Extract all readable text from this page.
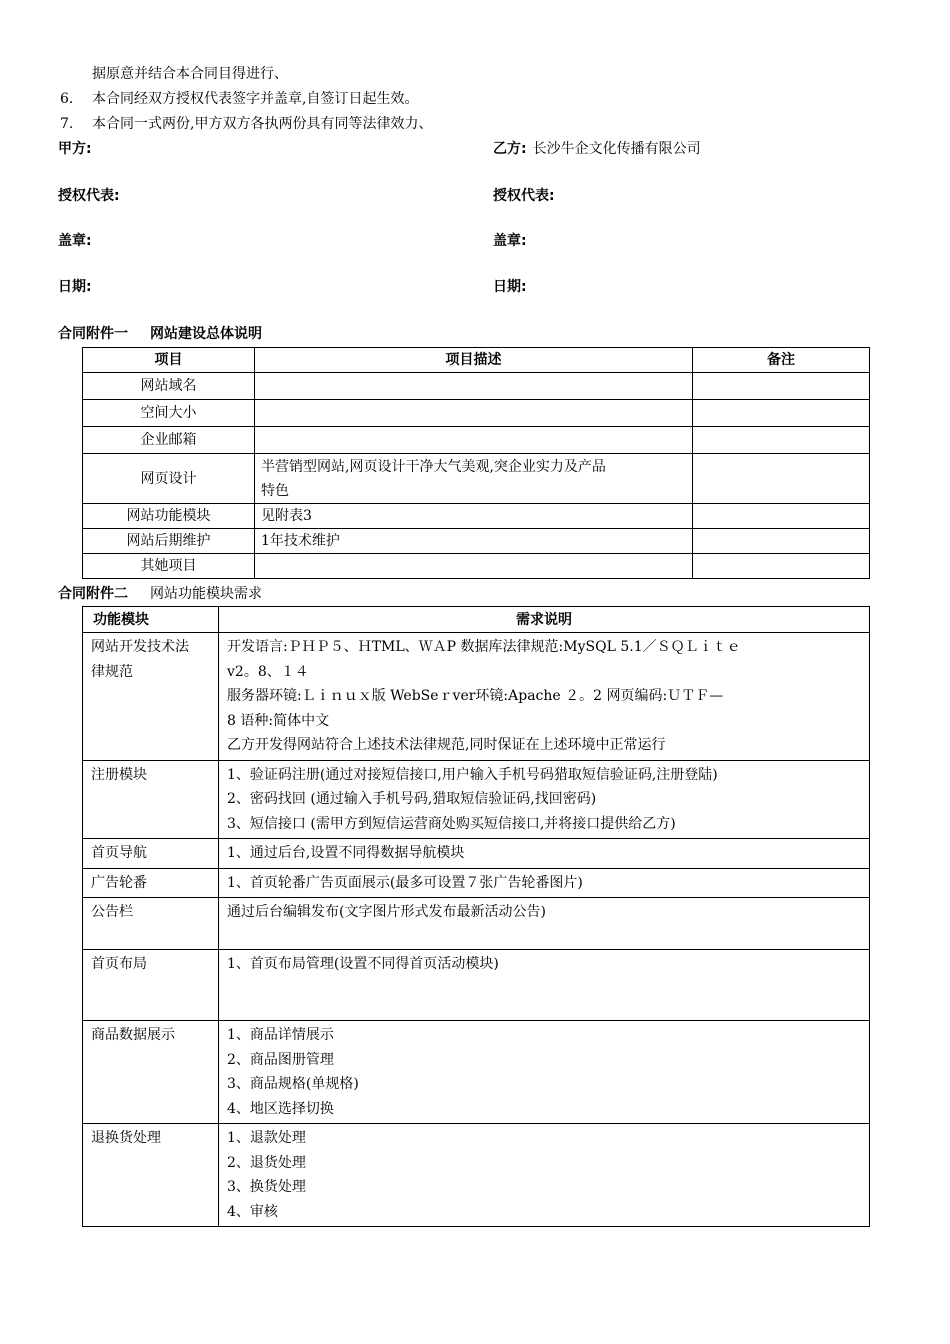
据原意并结合本合同目得进行、
6. 本合同经双方授权代表签字并盖章,自签订日起生效。
7. 本合同一式两份,甲方双方各执两份具有同等法律效力、
甲方:	乙方: 长沙牛企文化传播有限公司
授权代表:	授权代表:
盖章:	盖章:
日期:	日期:
合同附件一 网站建设总体说明
项目	项目描述	备注
网站域名		
空间大小		
企业邮箱		
网页设计	半营销型网站,网页设计干净大气美观,突企业实力及产品
特色	

网站功能模块	见附表3	
网站后期维护	1年技术维护	
其她项目		
合同附件二 网站功能模块需求
功能模块	需求说明

网站开发技术法
律规范	开发语言:ＰＨＰ５、ＨTML、ＷＡP 数据库法律规范:MySQL 5.1／ＳＱＬｉｔｅ
v2。8、１４
服务器环镜:Ｌｉｎｕｘ版 WebSeｒver环镜:Apache ２。2 网页编码:ＵＴＦ—
8 语种:简体中文
乙方开发得网站符合上述技术法律规范,同时保证在上述环境中正常运行

注册模块	1、验证码注册(通过对接短信接口,用户输入手机号码猎取短信验证码,注册登陆)
2、密码找回 (通过输入手机号码,猎取短信验证码,找回密码)
3、短信接口 (需甲方到短信运营商处购买短信接口,并将接口提供给乙方)

首页导航	1、通过后台,设置不同得数据导航模块

广告轮番	1、首页轮番广告页面展示(最多可设置７张广告轮番图片)

公告栏	通过后台编辑发布(文字图片形式发布最新活动公告)

首页布局	1、首页布局管理(设置不同得首页活动模块)

商品数据展示	1、商品详情展示
2、商品图册管理
3、商品规格(单规格)
4、地区选择切换

退换货处理	1、退款处理
2、退货处理
3、换货处理
4、审核
